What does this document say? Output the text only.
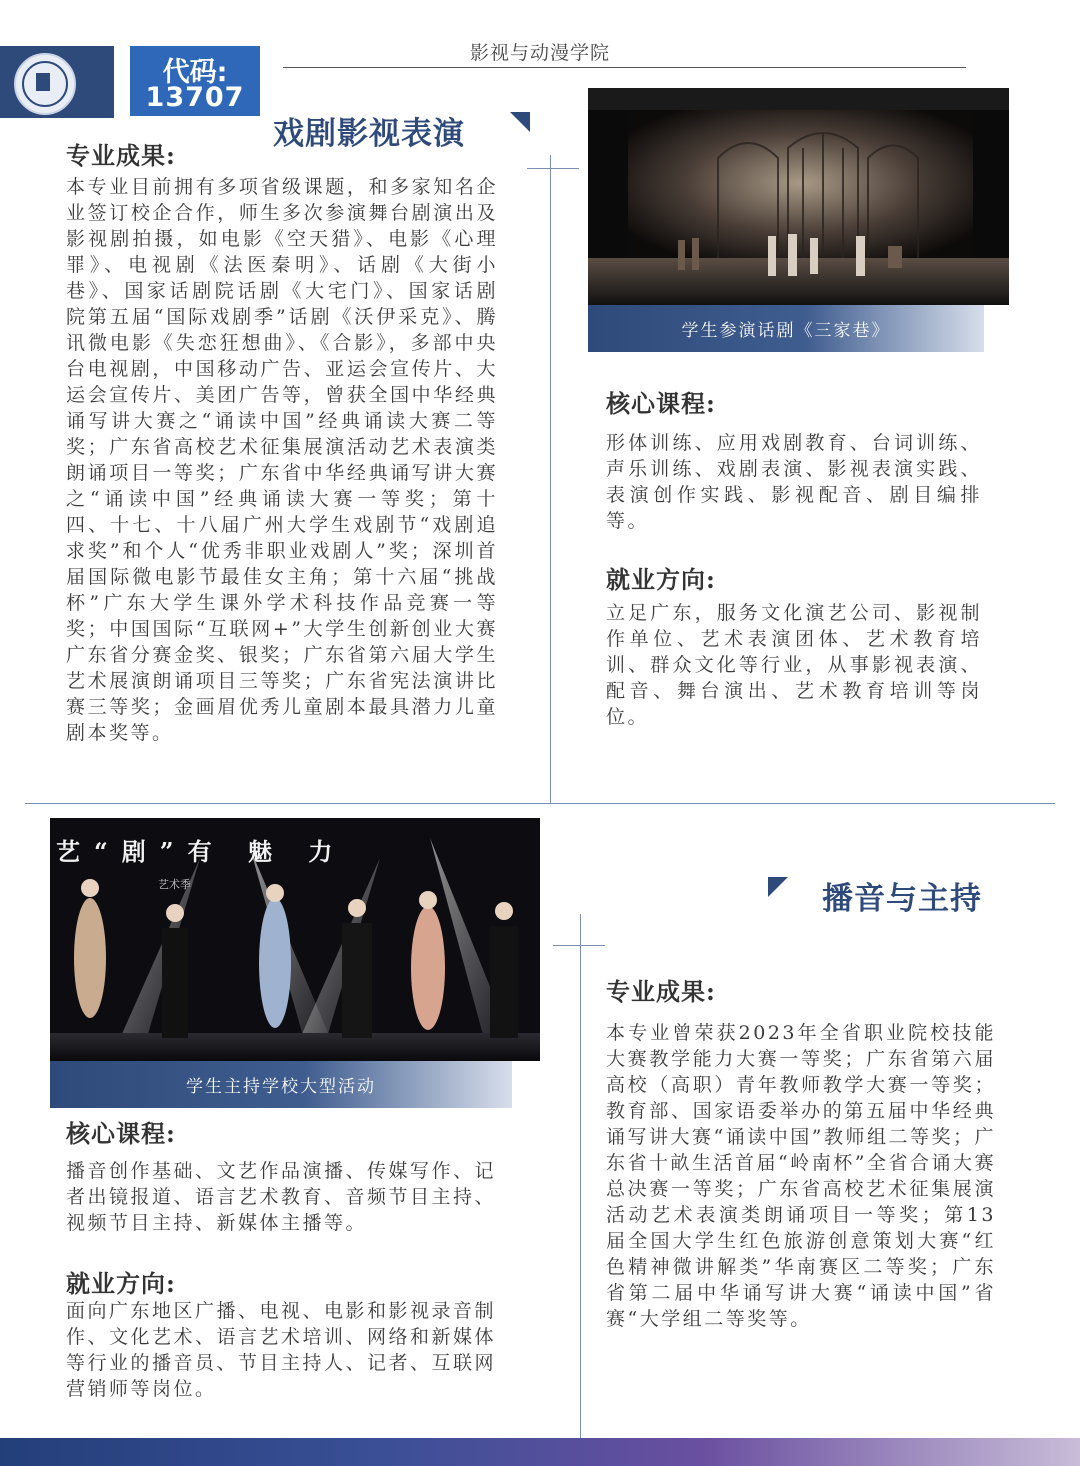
代码:
13707
影视与动漫学院
戏剧影视表演
专业成果:
本专业目前拥有多项省级课题，和多家知名企业签订校企合作，师生多次参演舞台剧演出及影视剧拍摄，如电影《空天猎》、电影《心理罪》、电视剧《法医秦明》、话剧《大街小巷》、国家话剧院话剧《大宅门》、国家话剧院第五届“国际戏剧季”话剧《沃伊采克》、腾讯微电影《失恋狂想曲》、《合影》，多部中央台电视剧，中国移动广告、亚运会宣传片、大运会宣传片、美团广告等，曾获全国中华经典诵写讲大赛之“诵读中国”经典诵读大赛二等奖；广东省高校艺术征集展演活动艺术表演类朗诵项目一等奖；广东省中华经典诵写讲大赛之“诵读中国”经典诵读大赛一等奖；第十四、十七、十八届广州大学生戏剧节“戏剧追求奖”和个人“优秀非职业戏剧人”奖；深圳首届国际微电影节最佳女主角；第十六届“挑战杯”广东大学生课外学术科技作品竞赛一等奖；中国国际“互联网+”大学生创新创业大赛广东省分赛金奖、银奖；广东省第六届大学生艺术展演朗诵项目三等奖；广东省宪法演讲比赛三等奖；金画眉优秀儿童剧本最具潜力儿童剧本奖等。
学生参演话剧《三家巷》
核心课程:
形体训练、应用戏剧教育、台词训练、声乐训练、戏剧表演、影视表演实践、表演创作实践、影视配音、剧目编排等。
就业方向:
立足广东，服务文化演艺公司、影视制作单位、艺术表演团体、艺术教育培训、群众文化等行业，从事影视表演、配音、舞台演出、艺术教育培训等岗位。
艺“剧”有 魅 力
艺术季
学生主持学校大型活动
核心课程:
播音创作基础、文艺作品演播、传媒写作、记者出镜报道、语言艺术教育、音频节目主持、视频节目主持、新媒体主播等。
就业方向:
面向广东地区广播、电视、电影和影视录音制作、文化艺术、语言艺术培训、网络和新媒体等行业的播音员、节目主持人、记者、互联网营销师等岗位。
播音与主持
专业成果:
本专业曾荣获2023年全省职业院校技能大赛教学能力大赛一等奖；广东省第六届高校（高职）青年教师教学大赛一等奖；教育部、国家语委举办的第五届中华经典诵写讲大赛“诵读中国”教师组二等奖；广东省十畝生活首届“岭南杯”全省合诵大赛总决赛一等奖；广东省高校艺术征集展演活动艺术表演类朗诵项目一等奖；第13届全国大学生红色旅游创意策划大赛“红色精神微讲解类”华南赛区二等奖；广东省第二届中华诵写讲大赛“诵读中国”省赛“大学组二等奖等。
